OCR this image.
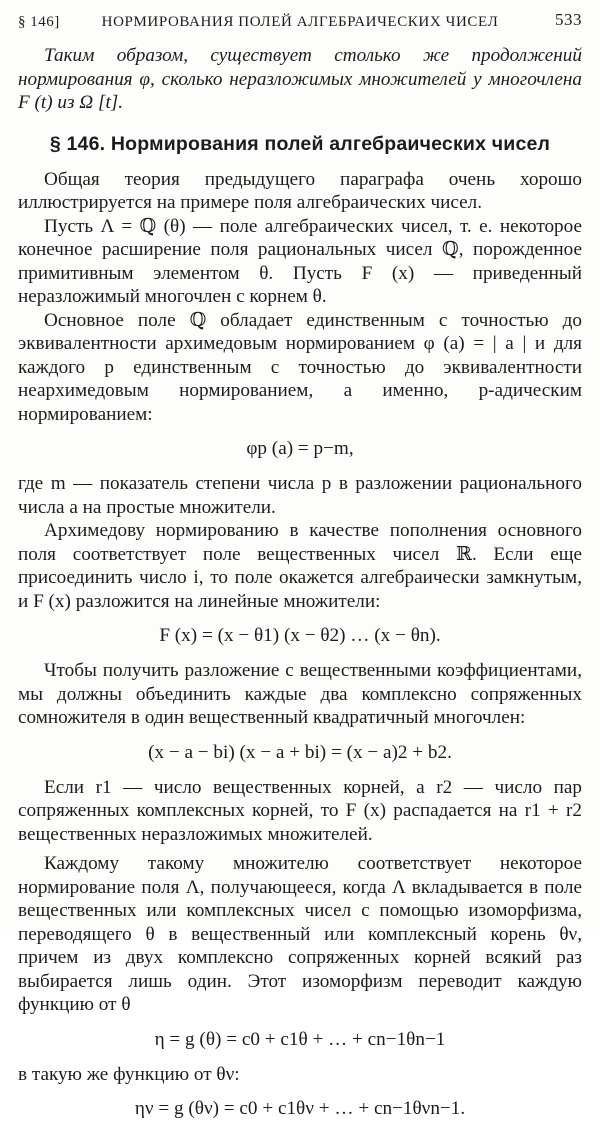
§ 146]	НОРМИРОВАНИЯ ПОЛЕЙ АЛГЕБРАИЧЕСКИХ ЧИСЕЛ	533

Таким образом, существует столько же продолжений нормирования φ, сколько неразложимых множителей у многочлена F (t) из Ω [t].

§ 146. Нормирования полей алгебраических чисел

Общая теория предыдущего параграфа очень хорошо иллюстрируется на примере поля алгебраических чисел.

Пусть Λ = ℚ (θ) — поле алгебраических чисел, т. е. некоторое конечное расширение поля рациональных чисел ℚ, порожденное примитивным элементом θ. Пусть F (x) — приведенный неразложимый многочлен с корнем θ.

Основное поле ℚ обладает единственным с точностью до эквивалентности архимедовым нормированием φ (a) = | a | и для каждого p единственным с точностью до эквивалентности неархимедовым нормированием, а именно, p-адическим нормированием:

φp (a) = p−m,

где m — показатель степени числа p в разложении рационального числа a на простые множители.

Архимедову нормированию в качестве пополнения основного поля соответствует поле вещественных чисел ℝ. Если еще присоединить число i, то поле окажется алгебраически замкнутым, и F (x) разложится на линейные множители:

F (x) = (x − θ1) (x − θ2) … (x − θn).

Чтобы получить разложение с вещественными коэффициентами, мы должны объединить каждые два комплексно сопряженных сомножителя в один вещественный квадратичный многочлен:

(x − a − bi) (x − a + bi) = (x − a)2 + b2.

Если r1 — число вещественных корней, а r2 — число пар сопряженных комплексных корней, то F (x) распадается на r1 + r2 вещественных неразложимых множителей.

Каждому такому множителю соответствует некоторое нормирование поля Λ, получающееся, когда Λ вкладывается в поле вещественных или комплексных чисел с помощью изоморфизма, переводящего θ в вещественный или комплексный корень θν, причем из двух комплексно сопряженных корней всякий раз выбирается лишь один. Этот изоморфизм переводит каждую функцию от θ

η = g (θ) = c0 + c1θ + … + cn−1θn−1

в такую же функцию от θν:

ην = g (θν) = c0 + c1θν + … + cn−1θνn−1.
